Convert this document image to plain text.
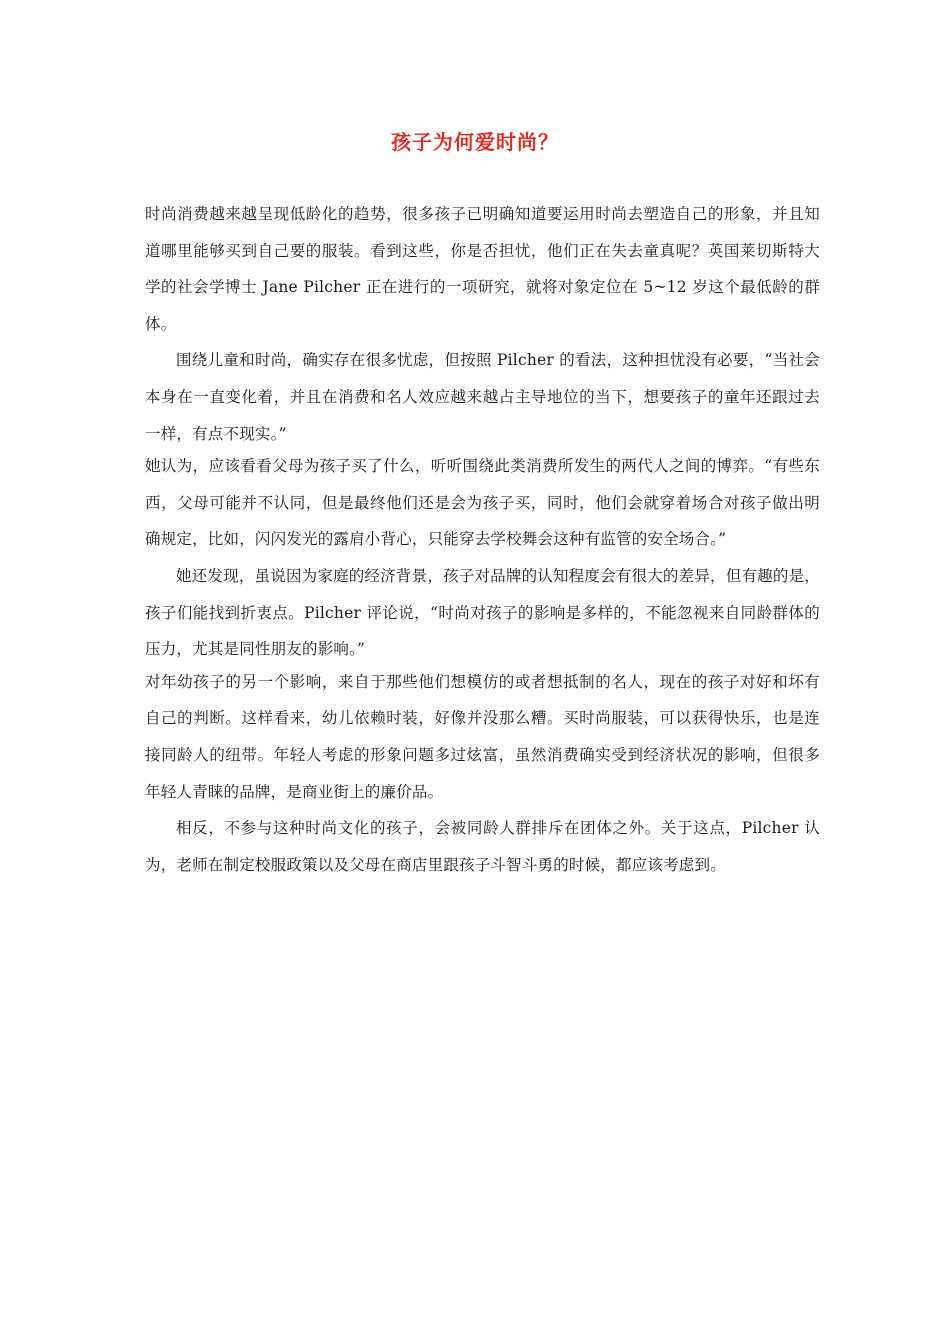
孩子为何爱时尚？

时尚消费越来越呈现低龄化的趋势，很多孩子已明确知道要运用时尚去塑造自己的形象，并且知道哪里能够买到自己要的服装。看到这些，你是否担忧，他们正在失去童真呢？英国莱切斯特大学的社会学博士 Jane Pilcher 正在进行的一项研究，就将对象定位在 5~12 岁这个最低龄的群体。

围绕儿童和时尚，确实存在很多忧虑，但按照 Pilcher 的看法，这种担忧没有必要，“当社会本身在一直变化着，并且在消费和名人效应越来越占主导地位的当下，想要孩子的童年还跟过去一样，有点不现实。”

她认为，应该看看父母为孩子买了什么，听听围绕此类消费所发生的两代人之间的博弈。“有些东西，父母可能并不认同，但是最终他们还是会为孩子买，同时，他们会就穿着场合对孩子做出明确规定，比如，闪闪发光的露肩小背心，只能穿去学校舞会这种有监管的安全场合。”

她还发现，虽说因为家庭的经济背景，孩子对品牌的认知程度会有很大的差异，但有趣的是，孩子们能找到折衷点。Pilcher 评论说，“时尚对孩子的影响是多样的，不能忽视来自同龄群体的压力，尤其是同性朋友的影响。”

对年幼孩子的另一个影响，来自于那些他们想模仿的或者想抵制的名人，现在的孩子对好和坏有自己的判断。这样看来，幼儿依赖时装，好像并没那么糟。买时尚服装，可以获得快乐，也是连接同龄人的纽带。年轻人考虑的形象问题多过炫富，虽然消费确实受到经济状况的影响，但很多年轻人青睐的品牌，是商业街上的廉价品。

相反，不参与这种时尚文化的孩子，会被同龄人群排斥在团体之外。关于这点，Pilcher 认为，老师在制定校服政策以及父母在商店里跟孩子斗智斗勇的时候，都应该考虑到。
